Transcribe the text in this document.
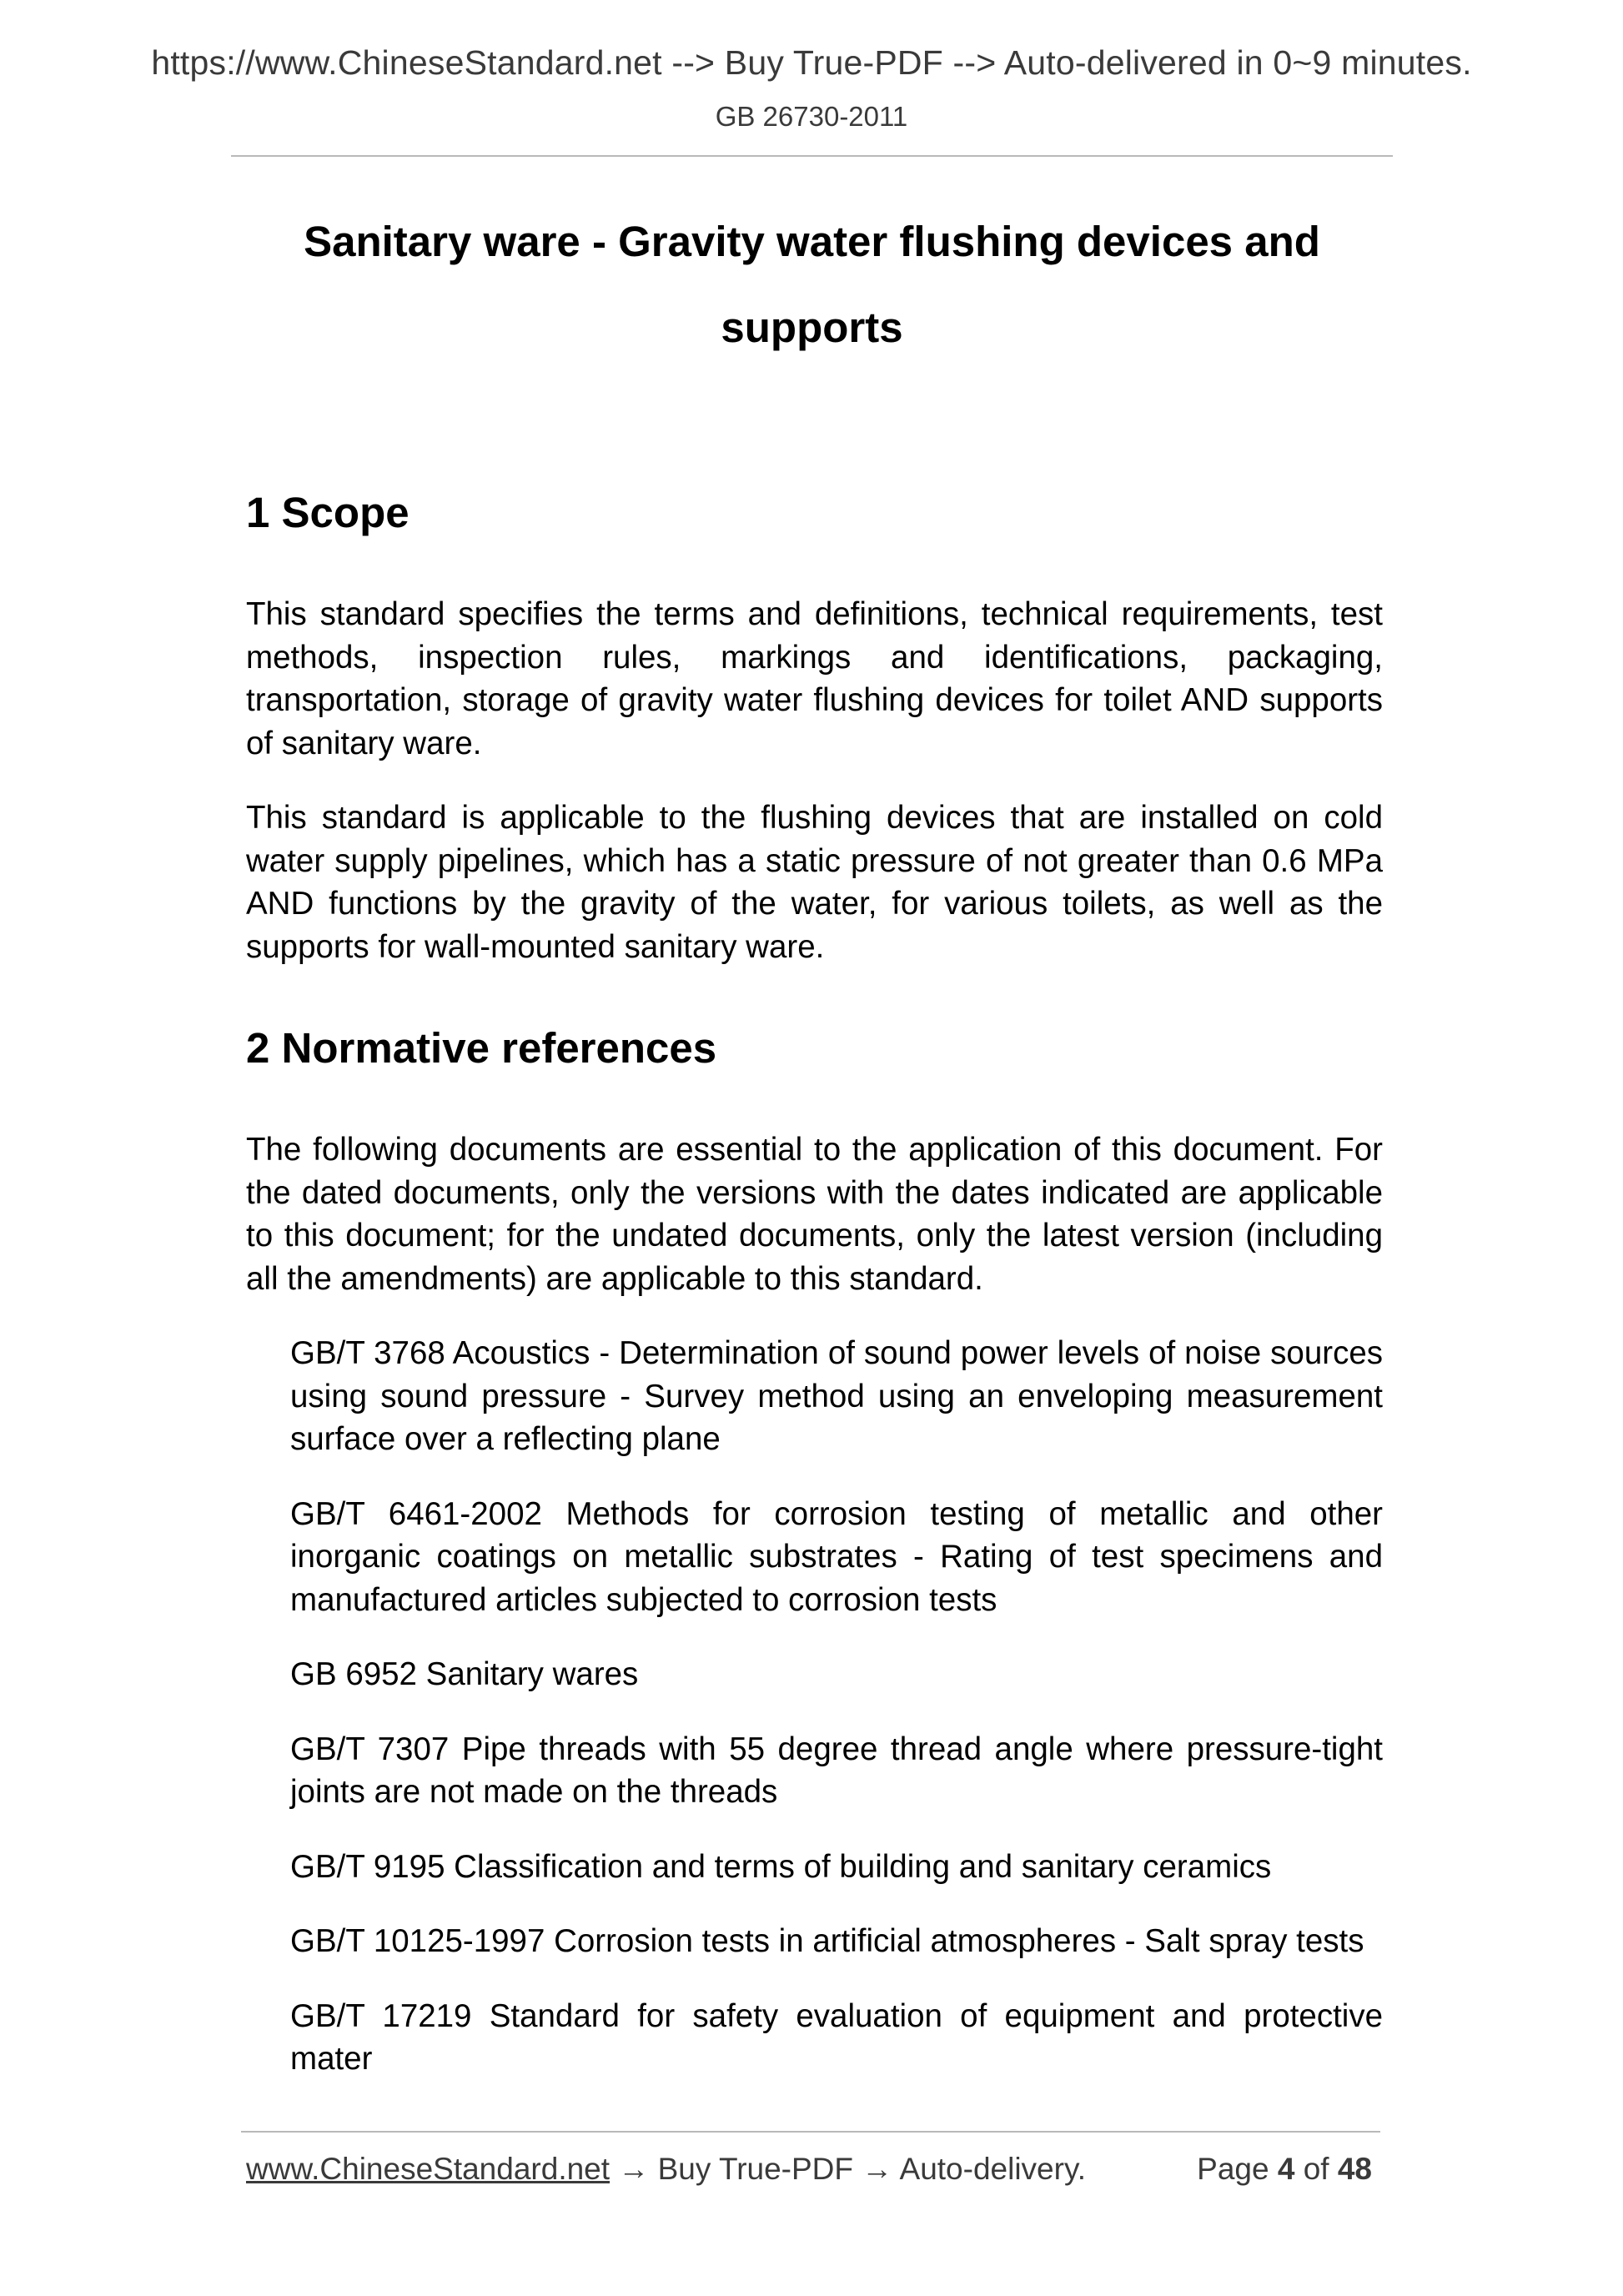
https://www.ChineseStandard.net --> Buy True-PDF --> Auto-delivered in 0~9 minutes.
GB 26730-2011
Sanitary ware - Gravity water flushing devices and supports
1 Scope

This standard specifies the terms and definitions, technical requirements, test methods, inspection rules, markings and identifications, packaging, transportation, storage of gravity water flushing devices for toilet AND supports of sanitary ware.

This standard is applicable to the flushing devices that are installed on cold water supply pipelines, which has a static pressure of not greater than 0.6 MPa AND functions by the gravity of the water, for various toilets, as well as the supports for wall-mounted sanitary ware.

2 Normative references

The following documents are essential to the application of this document. For the dated documents, only the versions with the dates indicated are applicable to this document; for the undated documents, only the latest version (including all the amendments) are applicable to this standard.

GB/T 3768 Acoustics - Determination of sound power levels of noise sources using sound pressure - Survey method using an enveloping measurement surface over a reflecting plane

GB/T 6461-2002 Methods for corrosion testing of metallic and other inorganic coatings on metallic substrates - Rating of test specimens and manufactured articles subjected to corrosion tests

GB 6952 Sanitary wares

GB/T 7307 Pipe threads with 55 degree thread angle where pressure-tight joints are not made on the threads

GB/T 9195 Classification and terms of building and sanitary ceramics

GB/T 10125-1997 Corrosion tests in artificial atmospheres - Salt spray tests

GB/T 17219 Standard for safety evaluation of equipment and protective mater

www.ChineseStandard.net → Buy True-PDF → Auto-delivery.	Page 4 of 48
